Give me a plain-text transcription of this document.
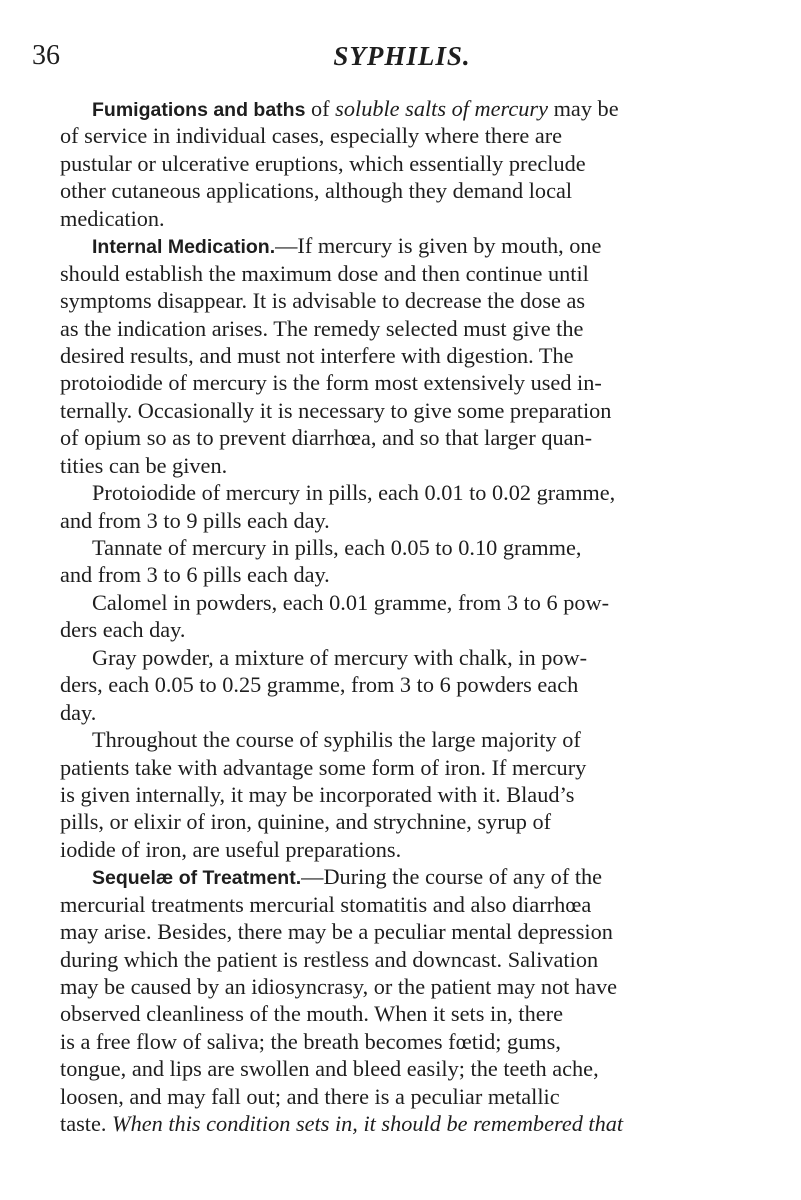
36	SYPHILIS.
Fumigations and baths of soluble salts of mercury may be
of service in individual cases, especially where there are
pustular or ulcerative eruptions, which essentially preclude
other cutaneous applications, although they demand local
medication.
Internal Medication.—If mercury is given by mouth, one
should establish the maximum dose and then continue until
symptoms disappear. It is advisable to decrease the dose as
as the indication arises. The remedy selected must give the
desired results, and must not interfere with digestion. The
protoiodide of mercury is the form most extensively used in-
ternally. Occasionally it is necessary to give some preparation
of opium so as to prevent diarrhœa, and so that larger quan-
tities can be given.
Protoiodide of mercury in pills, each 0.01 to 0.02 gramme,
and from 3 to 9 pills each day.
Tannate of mercury in pills, each 0.05 to 0.10 gramme,
and from 3 to 6 pills each day.
Calomel in powders, each 0.01 gramme, from 3 to 6 pow-
ders each day.
Gray powder, a mixture of mercury with chalk, in pow-
ders, each 0.05 to 0.25 gramme, from 3 to 6 powders each
day.
Throughout the course of syphilis the large majority of
patients take with advantage some form of iron. If mercury
is given internally, it may be incorporated with it. Blaud’s
pills, or elixir of iron, quinine, and strychnine, syrup of
iodide of iron, are useful preparations.
Sequelæ of Treatment.—During the course of any of the
mercurial treatments mercurial stomatitis and also diarrhœa
may arise. Besides, there may be a peculiar mental depression
during which the patient is restless and downcast. Salivation
may be caused by an idiosyncrasy, or the patient may not have
observed cleanliness of the mouth. When it sets in, there
is a free flow of saliva; the breath becomes fœtid; gums,
tongue, and lips are swollen and bleed easily; the teeth ache,
loosen, and may fall out; and there is a peculiar metallic
taste. When this condition sets in, it should be remembered that
